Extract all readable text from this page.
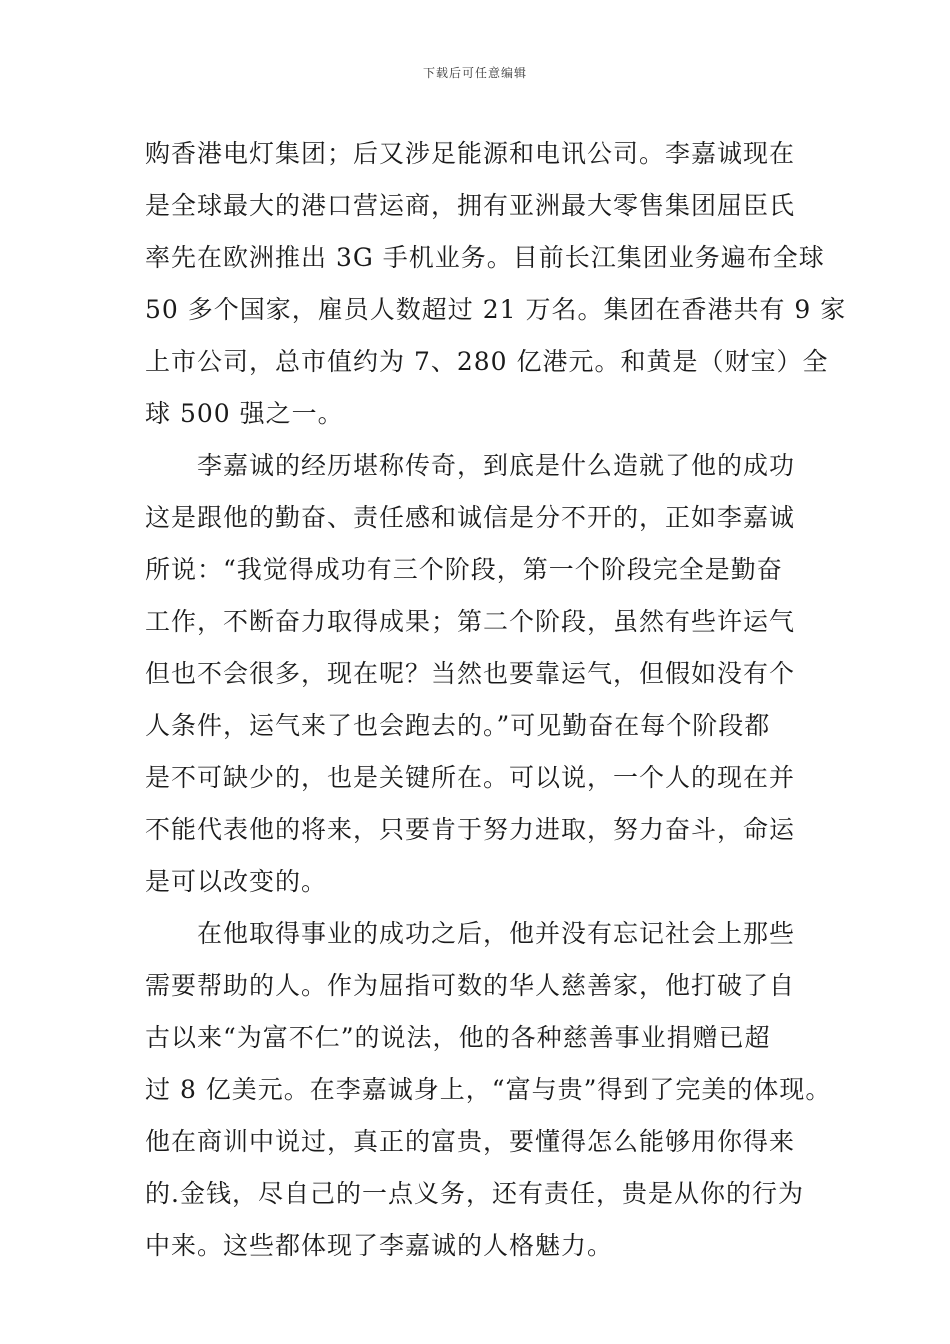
下载后可任意编辑
购香港电灯集团；后又涉足能源和电讯公司。李嘉诚现在
是全球最大的港口营运商，拥有亚洲最大零售集团屈臣氏
率先在欧洲推出 3G 手机业务。目前长江集团业务遍布全球
50 多个国家，雇员人数超过 21 万名。集团在香港共有 9 家
上市公司，总市值约为 7、280 亿港元。和黄是（财宝）全
球 500 强之一。
李嘉诚的经历堪称传奇，到底是什么造就了他的成功
这是跟他的勤奋、责任感和诚信是分不开的，正如李嘉诚
所说：“我觉得成功有三个阶段，第一个阶段完全是勤奋
工作，不断奋力取得成果；第二个阶段，虽然有些许运气
但也不会很多，现在呢？当然也要靠运气，但假如没有个
人条件，运气来了也会跑去的。”可见勤奋在每个阶段都
是不可缺少的，也是关键所在。可以说，一个人的现在并
不能代表他的将来，只要肯于努力进取，努力奋斗，命运
是可以改变的。
在他取得事业的成功之后，他并没有忘记社会上那些
需要帮助的人。作为屈指可数的华人慈善家，他打破了自
古以来“为富不仁”的说法，他的各种慈善事业捐赠已超
过 8 亿美元。在李嘉诚身上，“富与贵”得到了完美的体现。
他在商训中说过，真正的富贵，要懂得怎么能够用你得来
的.金钱，尽自己的一点义务，还有责任，贵是从你的行为
中来。这些都体现了李嘉诚的人格魅力。
